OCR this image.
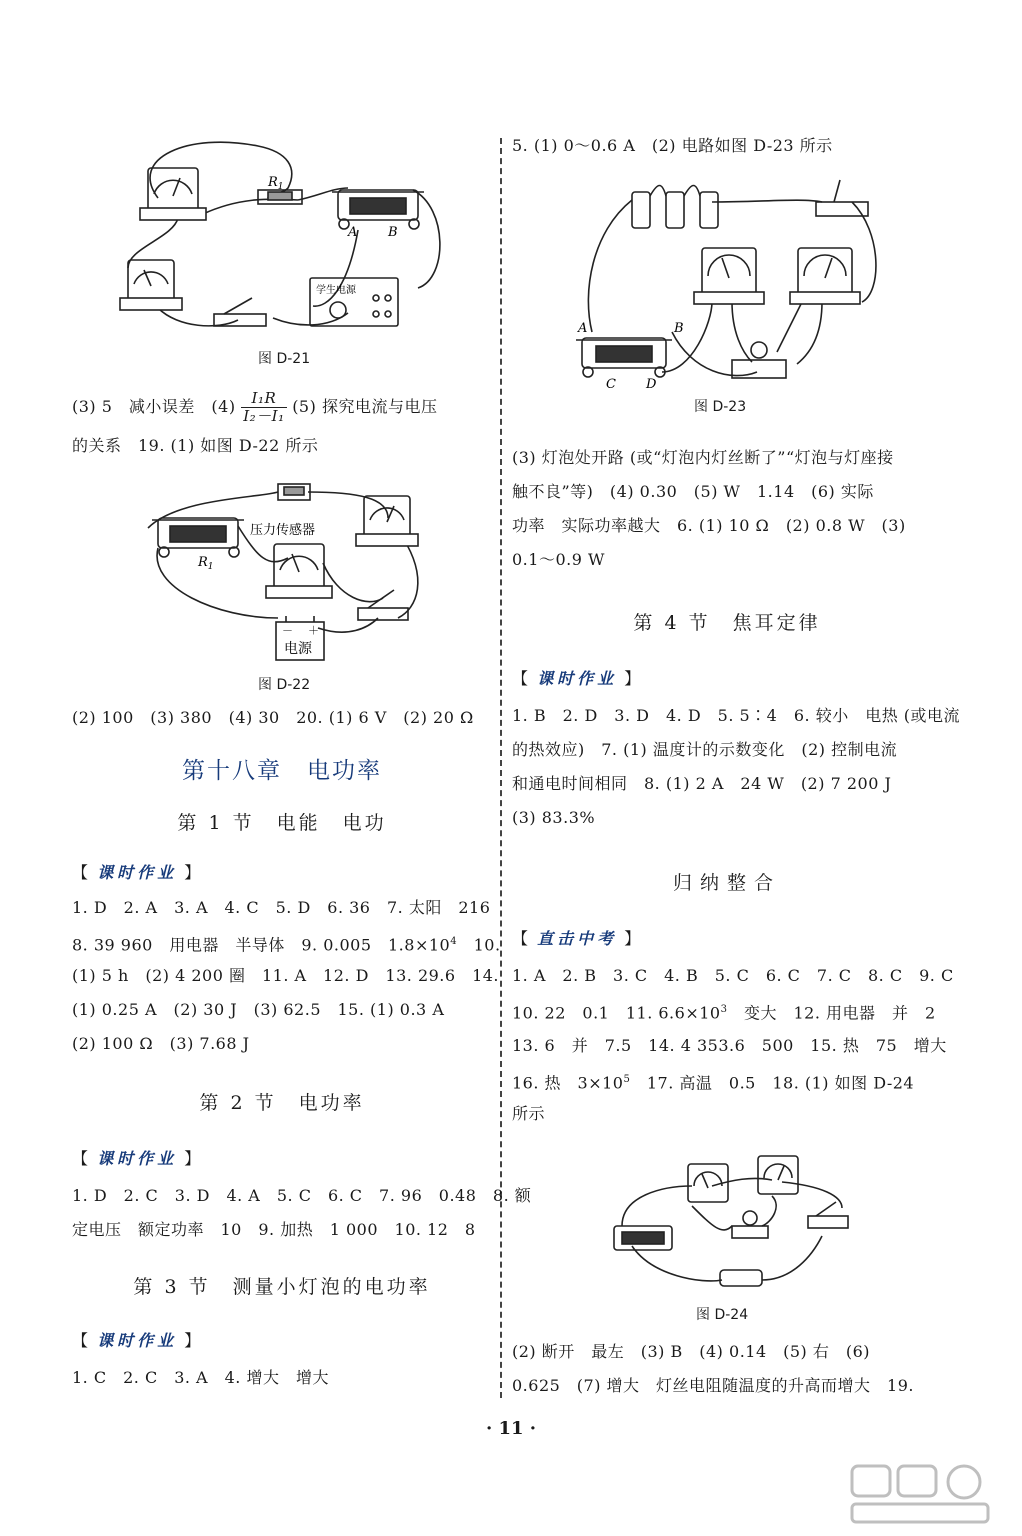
$R_1$
A B
学生电源
图 D-21
(3) 5　减小误差　$(4) \frac{\text{I₁R}}{\text{I₂－I₁}} (5)$ 探究电流与电压
的关系　19. (1) 如图 D-22 所示
压力传感器
$R_1$
－ ＋
电源
图 D-22
(2) 100　(3) 380　(4) 30　20. (1) 6 V　(2) 20 Ω
第十八章　电功率
第 1 节　电能　电功
【 课时作业 】
1. D　2. A　3. A　4. C　5. D　6. 36　7. 太阳　216
8. 39 960　用电器　半导体　9. 0.005　$1.8\times 10^4$　10.
(1) 5 h　(2) 4 200 圈　11. A　12. D　13. 29.6　14.
(1) 0.25 A　(2) 30 J　(3) 62.5　15. (1) 0.3 A
(2) 100 Ω　(3) 7.68 J
第 2 节　电功率
【 课时作业 】
1. D　2. C　3. D　4. A　5. C　6. C　7. 96　0.48　8. 额
定电压　额定功率　10　9. 加热　1 000　10. 12　8
第 3 节　测量小灯泡的电功率
【 课时作业 】
1. C　2. C　3. A　4. 增大　增大
5. (1) 0～0.6 A　(2) 电路如图 D-23 所示
A	B
C D
图 D-23
(3) 灯泡处开路 (或“灯泡内灯丝断了”“灯泡与灯座接
触不良”等)　(4) 0.30　(5) W　1.14　(6) 实际
功率　实际功率越大　6. (1) 10 Ω　(2) 0.8 W　(3)
0.1～0.9 W
第 4 节　焦耳定律
【 课时作业 】
1. B　2. D　3. D　4. D　5. 5∶4　6. 较小　电热 (或电流
的热效应)　7. (1) 温度计的示数变化　(2) 控制电流
和通电时间相同　8. (1) 2 A　24 W　(2) 7 200 J
(3) 83.3%
归纳整合
【 直击中考 】
1. A　2. B　3. C　4. B　5. C　6. C　7. C　8. C　9. C
10. 22　0.1　11. $6.6\times 10^3$　变大　12. 用电器　并　2
13. 6　并　7.5　14. 4 353.6　500　15. 热　75　增大
16. 热　$3\times 10^5$　17. 高温　0.5　18. (1) 如图 D-24
所示
图 D-24
(2) 断开　最左　(3) B　(4) 0.14　(5) 右　(6)
0.625　(7) 增大　灯丝电阻随温度的升高而增大　19.
· 11 ·
